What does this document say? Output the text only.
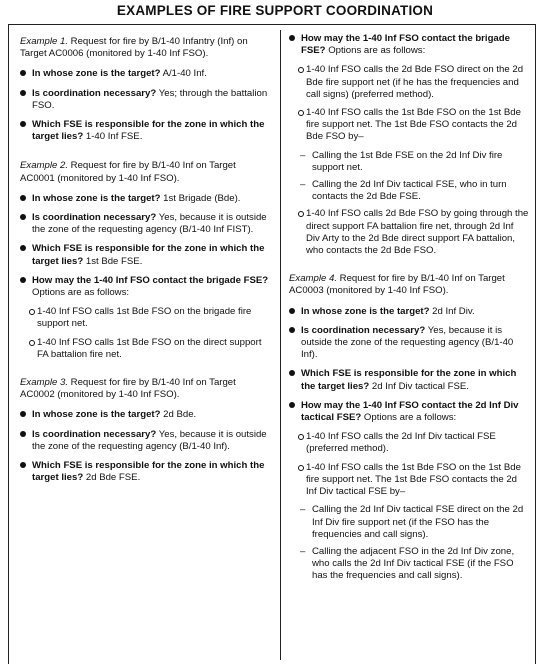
EXAMPLES OF FIRE SUPPORT COORDINATION

Example 1. Request for fire by B/1-40 Infantry (Inf) on Target AC0006 (monitored by 1-40 Inf FSO).

In whose zone is the target? A/1-40 Inf.
Is coordination necessary? Yes; through the battalion FSO.
Which FSE is responsible for the zone in which the target lies? 1-40 Inf FSE.

Example 2. Request for fire by B/1-40 Inf on Target AC0001 (monitored by 1-40 Inf FSO).

In whose zone is the target? 1st Brigade (Bde).
Is coordination necessary? Yes, because it is outside the zone of the requesting agency (B/1-40 Inf FIST).
Which FSE is responsible for the zone in which the target lies? 1st Bde FSE.
How may the 1-40 Inf FSO contact the brigade FSE? Options are as follows:
1-40 Inf FSO calls 1st Bde FSO on the brigade fire support net.
1-40 Inf FSO calls 1st Bde FSO on the direct support FA battalion fire net.

Example 3. Request for fire by B/1-40 Inf on Target AC0002 (monitored by 1-40 Inf FSO).

In whose zone is the target? 2d Bde.
Is coordination necessary? Yes, because it is outside the zone of the requesting agency (B/1-40 Inf).
Which FSE is responsible for the zone in which the target lies? 2d Bde FSE.
How may the 1-40 Inf FSO contact the brigade FSE? Options are as follows:
1-40 Inf FSO calls the 2d Bde FSO direct on the 2d Bde fire support net (if he has the frequencies and call signs) (preferred method).
1-40 Inf FSO calls the 1st Bde FSO on the 1st Bde fire support net. The 1st Bde FSO contacts the 2d Bde FSO by–
– Calling the 1st Bde FSE on the 2d Inf Div fire support net.
– Calling the 2d Inf Div tactical FSE, who in turn contacts the 2d Bde FSE.
1-40 Inf FSO calls 2d Bde FSO by going through the direct support FA battalion fire net, through 2d Inf Div Arty to the 2d Bde direct support FA battalion, who contacts the 2d Bde FSO.

Example 4. Request for fire by B/1-40 Inf on Target AC0003 (monitored by 1-40 Inf FSO).

In whose zone is the target? 2d Inf Div.
Is coordination necessary? Yes, because it is outside the zone of the requesting agency (B/1-40 Inf).
Which FSE is responsible for the zone in which the target lies? 2d Inf Div tactical FSE.
How may the 1-40 Inf FSO contact the 2d Inf Div tactical FSE? Options are a follows:
1-40 Inf FSO calls the 2d Inf Div tactical FSE (preferred method).
1-40 Inf FSO calls the 1st Bde FSO on the 1st Bde fire support net. The 1st Bde FSO contacts the 2d Inf Div tactical FSE by–
– Calling the 2d Inf Div tactical FSE direct on the 2d Inf Div fire support net (if the FSO has the frequencies and call signs).
– Calling the adjacent FSO in the 2d Inf Div zone, who calls the 2d Inf Div tactical FSE (if the FSO has the frequencies and call signs).
